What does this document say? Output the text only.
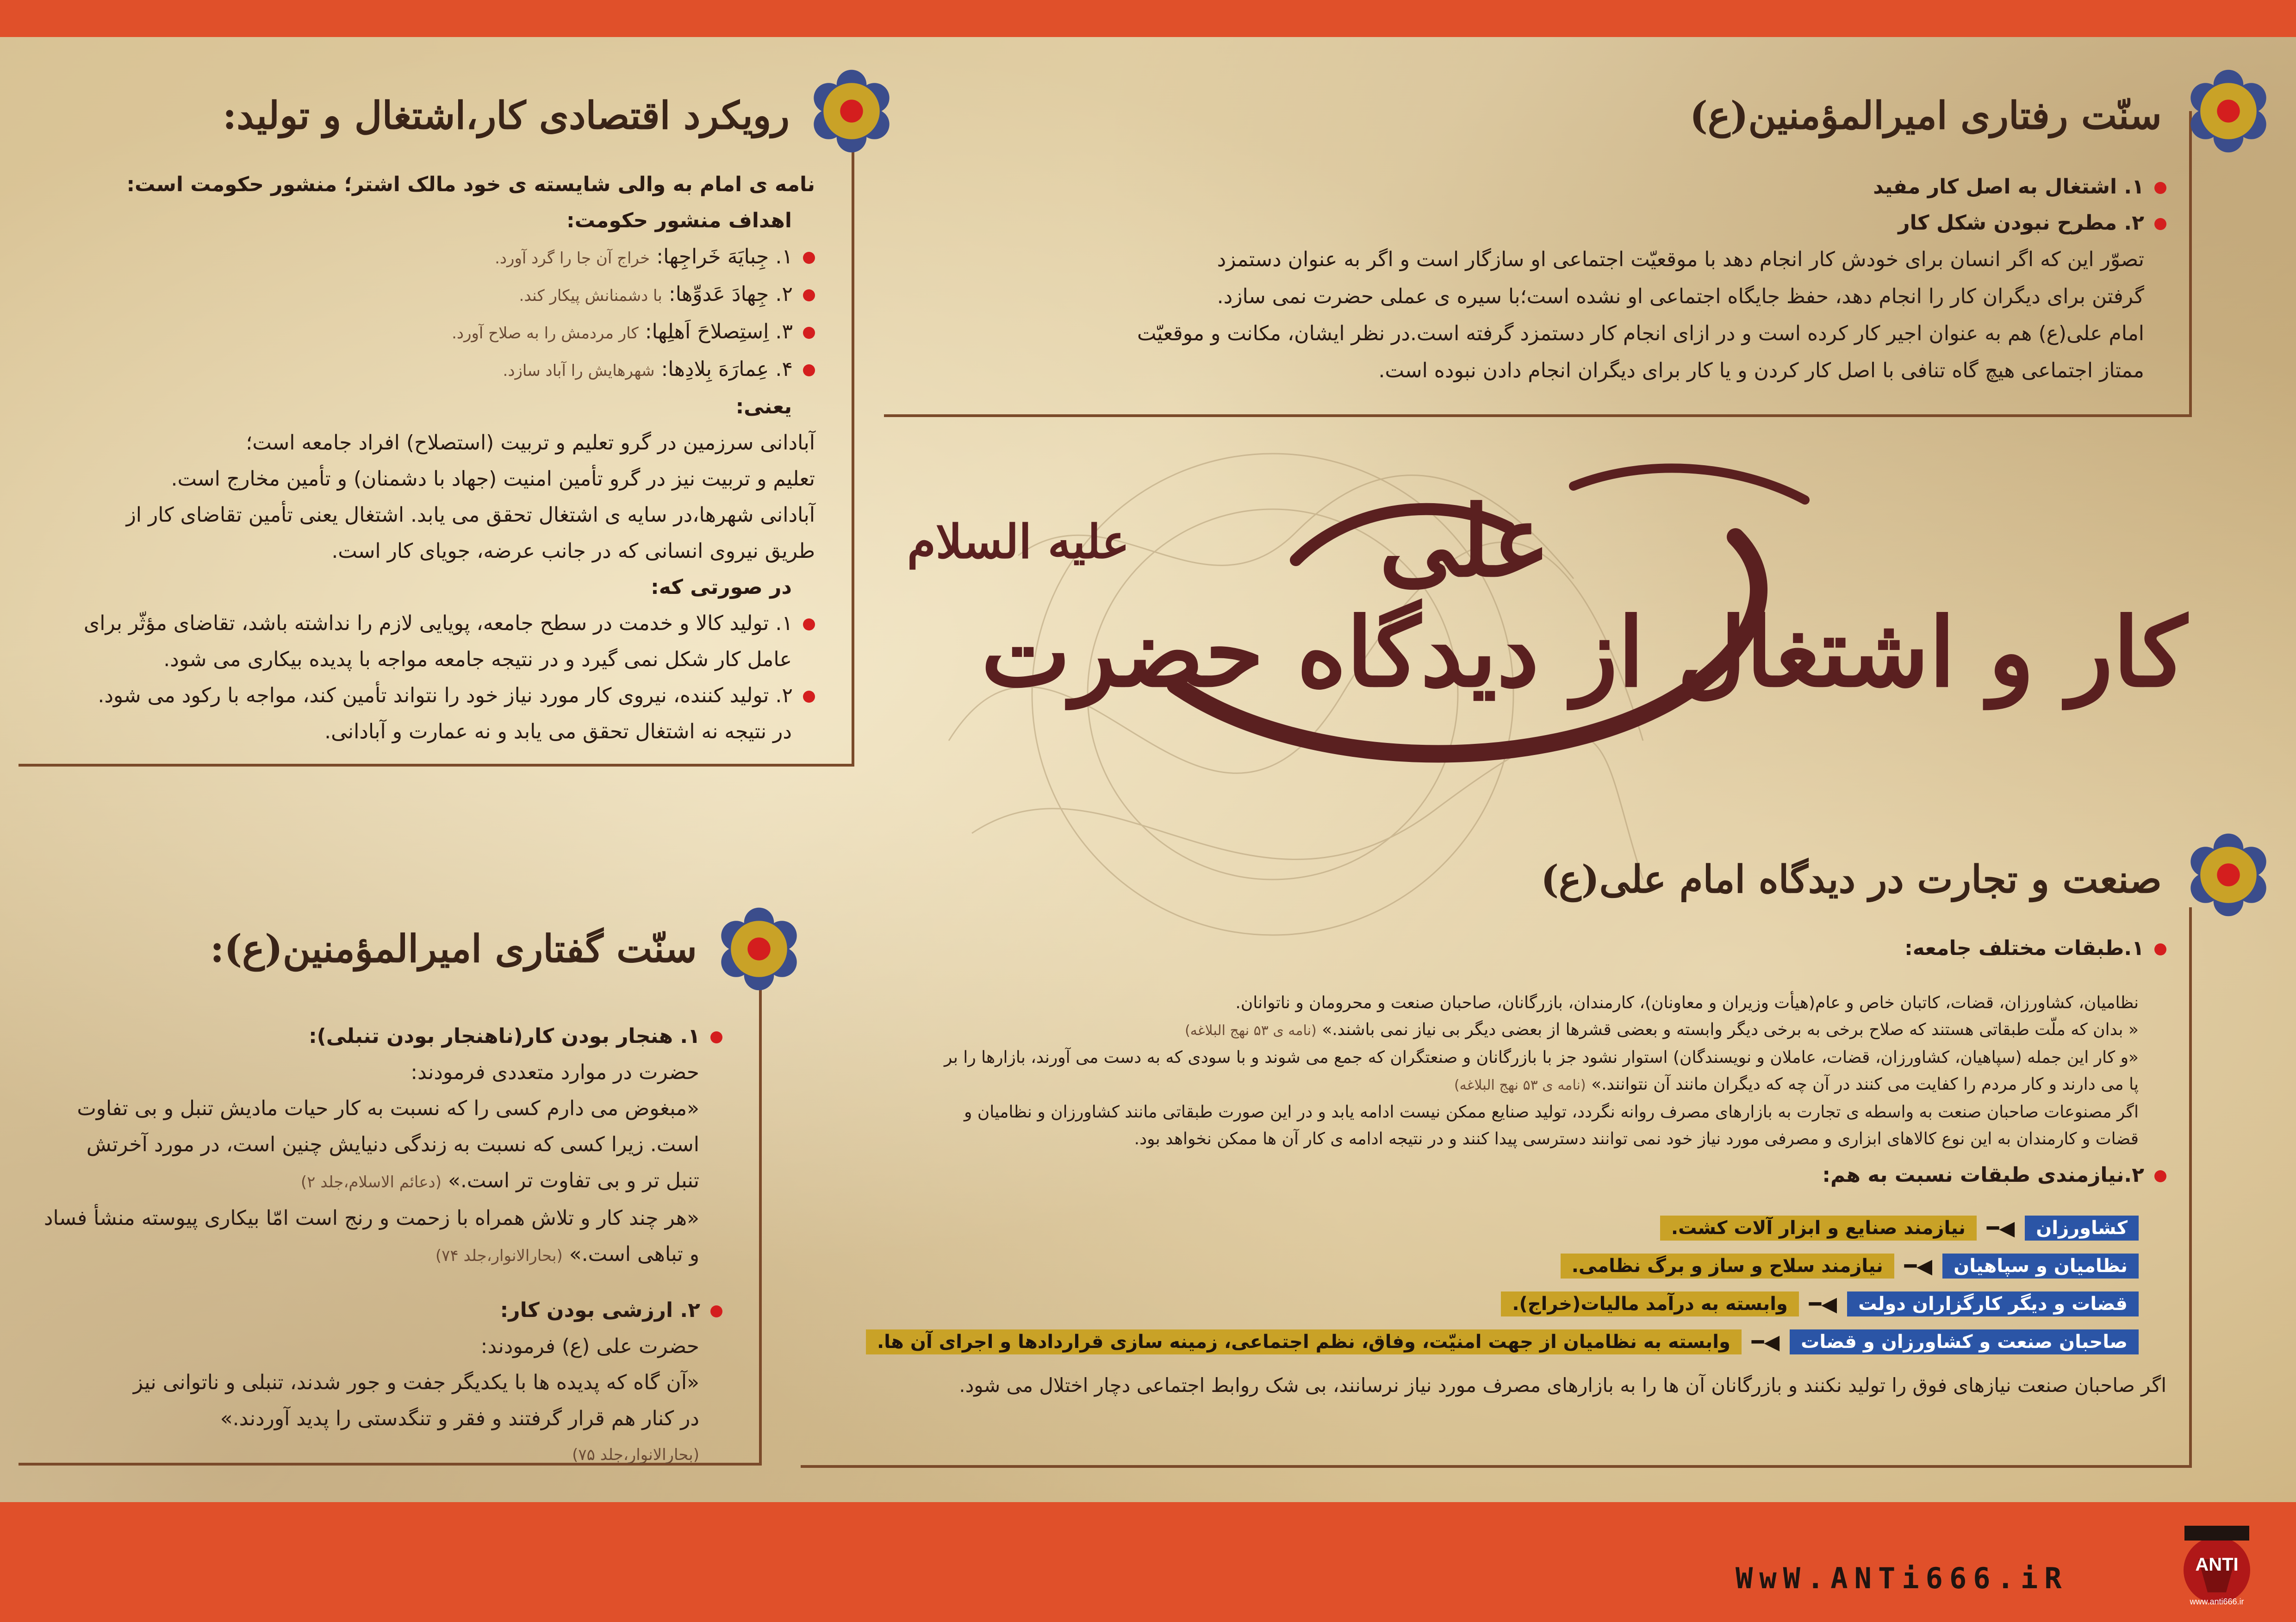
کار و اشتغال از دیدگاه حضرت
علی
علیه السلام
سنّت رفتاری امیرالمؤمنین(ع)

۱. اشتغال به اصل کار مفید

۲. مطرح نبودن شکل کار

تصوّر این که اگر انسان برای خودش کار انجام دهد با موقعیّت اجتماعی او سازگار است و اگر به عنوان دستمزد

گرفتن برای دیگران کار را انجام دهد، حفظ جایگاه اجتماعی او نشده است؛با سیره ی عملی حضرت نمی سازد.

امام علی(ع) هم به عنوان اجیر کار کرده است و در ازای انجام کار دستمزد گرفته است.در نظر ایشان، مکانت و موقعیّت

ممتاز اجتماعی هیچ گاه تنافی با اصل کار کردن و یا کار برای دیگران انجام دادن نبوده است.

رویکرد اقتصادی کار،اشتغال و تولید:

نامه ی امام به والی شایسته ی خود مالک اشتر؛ منشور حکومت است:

اهداف منشور حکومت:

۱. جِبایَهَ خَراجِها: خراج آن جا را گرد آورد.

۲. جِهادَ عَدوِّها: با دشمنانش پیکار کند.

۳. اِستِصلاحَ اَهلِها: کار مردمش را به صلاح آورد.

۴. عِمارَهَ بِلادِها: شهرهایش را آباد سازد.

یعنی:

آبادانی سرزمین در گرو تعلیم و تربیت (استصلاح) افراد جامعه است؛

تعلیم و تربیت نیز در گرو تأمین امنیت (جهاد با دشمنان) و تأمین مخارج است.

آبادانی شهرها،در سایه ی اشتغال تحقق می یابد. اشتغال یعنی تأمین تقاضای کار از

طریق نیروی انسانی که در جانب عرضه، جویای کار است.

در صورتی که:

۱. تولید کالا و خدمت در سطح جامعه، پویایی لازم را نداشته باشد، تقاضای مؤثّر برای

عامل کار شکل نمی گیرد و در نتیجه جامعه مواجه با پدیده بیکاری می شود.

۲. تولید کننده، نیروی کار مورد نیاز خود را نتواند تأمین کند، مواجه با رکود می شود.

در نتیجه نه اشتغال تحقق می یابد و نه عمارت و آبادانی.

سنّت گفتاری امیرالمؤمنین(ع):

۱. هنجار بودن کار(ناهنجار بودن تنبلی):

حضرت در موارد متعددی فرمودند:

«مبغوض می دارم کسی را که نسبت به کار حیات مادیش تنبل و بی تفاوت

است. زیرا کسی که نسبت به زندگی دنیایش چنین است، در مورد آخرتش

تنبل تر و بی تفاوت تر است.» (دعائم الاسلام،جلد ۲)

«هر چند کار و تلاش همراه با زحمت و رنج است امّا بیکاری پیوسته منشأ فساد

و تباهی است.» (بحارالانوار،جلد ۷۴)

۲. ارزشی بودن کار:

حضرت علی (ع) فرمودند:

«آن گاه که پدیده ها با یکدیگر جفت و جور شدند، تنبلی و ناتوانی نیز

در کنار هم قرار گرفتند و فقر و تنگدستی را پدید آوردند.»

(بحارالانوار،جلد ۷۵)

صنعت و تجارت در دیدگاه امام علی(ع)

۱.طبقات مختلف جامعه:

نظامیان، کشاورزان، قضات، کاتبان خاص و عام(هیأت وزیران و معاونان)، کارمندان، بازرگانان، صاحبان صنعت و محرومان و ناتوانان.

« بدان که ملّت طبقاتی هستند که صلاح برخی به برخی دیگر وابسته و بعضی قشرها از بعضی دیگر بی نیاز نمی باشند.» (نامه ی ۵۳ نهج البلاغه)

«و کار این جمله (سپاهیان، کشاورزان، قضات، عاملان و نویسندگان) استوار نشود جز با بازرگانان و صنعتگران که جمع می شوند و با سودی که به دست می آورند، بازارها را بر

پا می دارند و کار مردم را کفایت می کنند در آن چه که دیگران مانند آن نتوانند.» (نامه ی ۵۳ نهج البلاغه)

اگر مصنوعات صاحبان صنعت به واسطه ی تجارت به بازارهای مصرف روانه نگردد، تولید صنایع ممکن نیست ادامه یابد و در این صورت طبقاتی مانند کشاورزان و نظامیان و

قضات و کارمندان به این نوع کالاهای ابزاری و مصرفی مورد نیاز خود نمی توانند دسترسی پیدا کنند و در نتیجه ادامه ی کار آن ها ممکن نخواهد بود.

۲.نیازمندی طبقات نسبت به هم:

کشاورزان
◀━
نیازمند صنایع و ابزار آلات کشت.
نظامیان و سپاهیان
◀━
نیازمند سلاح و ساز و برگ نظامی.
قضات و دیگر کارگزاران دولت
◀━
وابسته به درآمد مالیات(خراج).
صاحبان صنعت و کشاورزان و قضات
◀━
وابسته به نظامیان از جهت امنیّت، وفاق، نظم اجتماعی، زمینه سازی قراردادها و اجرای آن ها.

اگر صاحبان صنعت نیازهای فوق را تولید نکنند و بازرگانان آن ها را به بازارهای مصرف مورد نیاز نرسانند، بی شک روابط اجتماعی دچار اختلال می شود.

WwW.ANTi666.iR	ANTI
www.anti666.ir
